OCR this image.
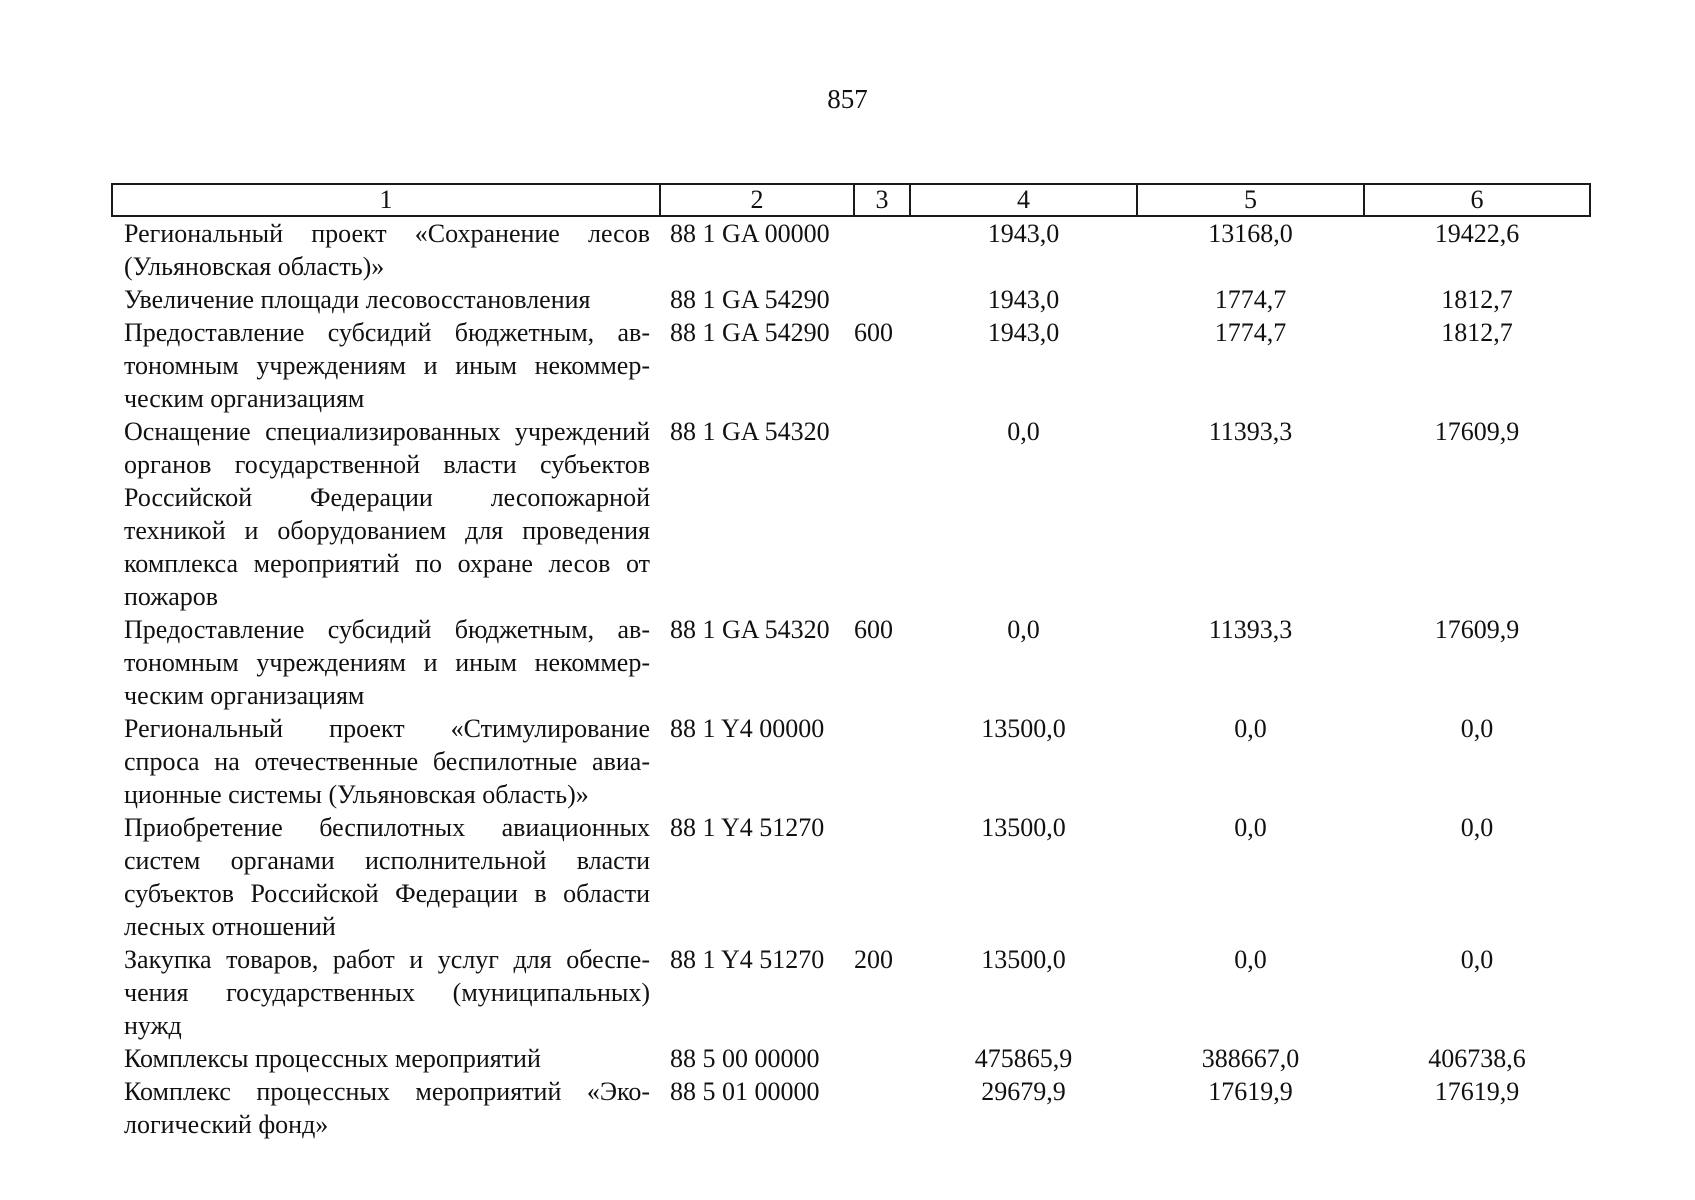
857
1	2	3	4	5	6
Региональный проект «Сохранение лесов (Ульяновская область)»	88 1 GA 00000		1943,0	13168,0	19422,6
Увеличение площади лесовосстановления	88 1 GA 54290		1943,0	1774,7	1812,7
Предоставление субсидий бюджетным, автономным учреждениям и иным некоммерческим организациям	88 1 GA 54290	600	1943,0	1774,7	1812,7
Оснащение специализированных учреждений органов государственной власти субъектов Российской Федерации лесопожарной техникой и оборудованием для проведения комплекса мероприятий по охране лесов от пожаров	88 1 GA 54320		0,0	11393,3	17609,9
Предоставление субсидий бюджетным, автономным учреждениям и иным некоммерческим организациям	88 1 GA 54320	600	0,0	11393,3	17609,9
Региональный проект «Стимулирование спроса на отечественные беспилотные авиационные системы (Ульяновская область)»	88 1 Y4 00000		13500,0	0,0	0,0
Приобретение беспилотных авиационных систем органами исполнительной власти субъектов Российской Федерации в области лесных отношений	88 1 Y4 51270		13500,0	0,0	0,0
Закупка товаров, работ и услуг для обеспечения государственных (муниципальных) нужд	88 1 Y4 51270	200	13500,0	0,0	0,0
Комплексы процессных мероприятий	88 5 00 00000		475865,9	388667,0	406738,6
Комплекс процессных мероприятий «Экологический фонд»	88 5 01 00000		29679,9	17619,9	17619,9
